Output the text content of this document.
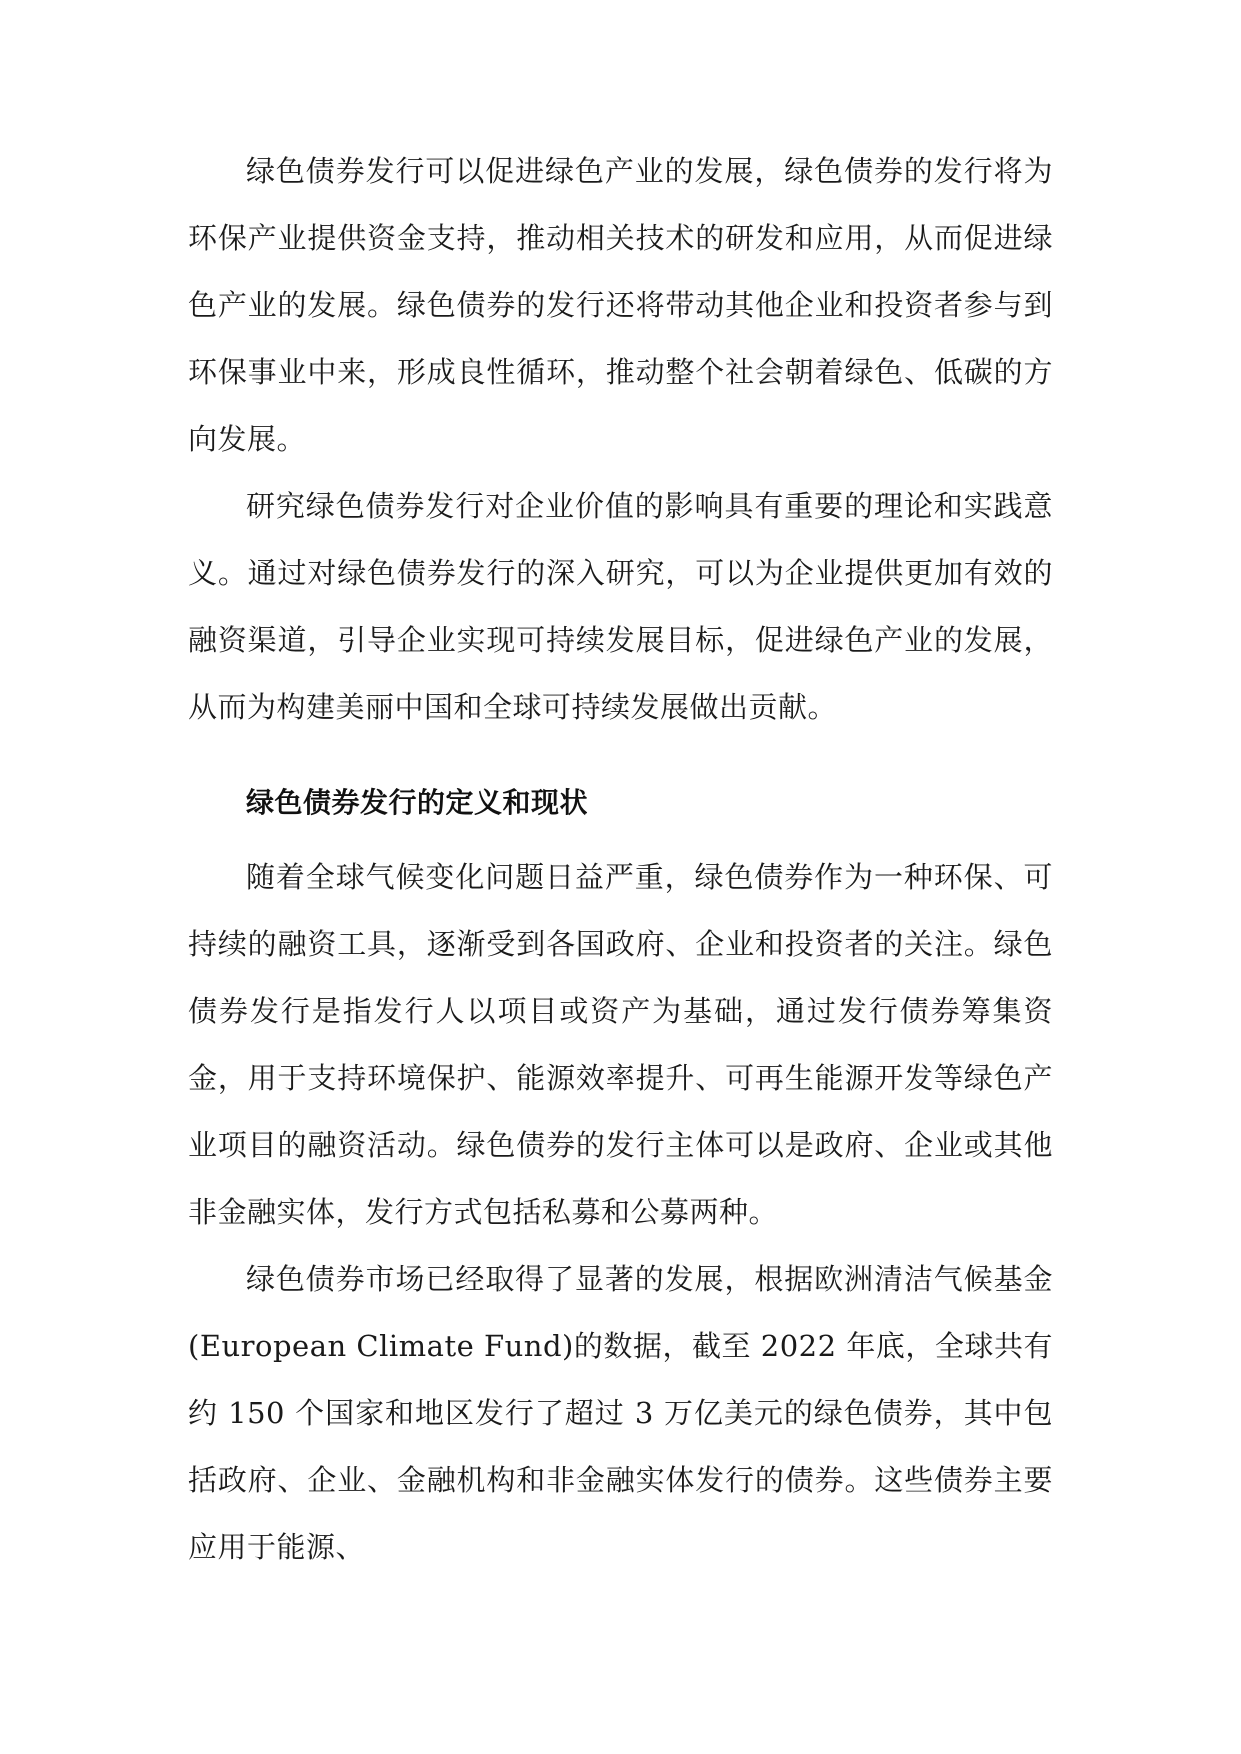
绿色债券发行可以促进绿色产业的发展，绿色债券的发行将为环保产业提供资金支持，推动相关技术的研发和应用，从而促进绿色产业的发展。绿色债券的发行还将带动其他企业和投资者参与到环保事业中来，形成良性循环，推动整个社会朝着绿色、低碳的方向发展。

研究绿色债券发行对企业价值的影响具有重要的理论和实践意义。通过对绿色债券发行的深入研究，可以为企业提供更加有效的融资渠道，引导企业实现可持续发展目标，促进绿色产业的发展，从而为构建美丽中国和全球可持续发展做出贡献。

绿色债券发行的定义和现状

随着全球气候变化问题日益严重，绿色债券作为一种环保、可持续的融资工具，逐渐受到各国政府、企业和投资者的关注。绿色债券发行是指发行人以项目或资产为基础，通过发行债券筹集资金，用于支持环境保护、能源效率提升、可再生能源开发等绿色产业项目的融资活动。绿色债券的发行主体可以是政府、企业或其他非金融实体，发行方式包括私募和公募两种。

绿色债券市场已经取得了显著的发展，根据欧洲清洁气候基金(European Climate Fund)的数据，截至 2022 年底，全球共有约 150 个国家和地区发行了超过 3 万亿美元的绿色债券，其中包括政府、企业、金融机构和非金融实体发行的债券。这些债券主要应用于能源、
